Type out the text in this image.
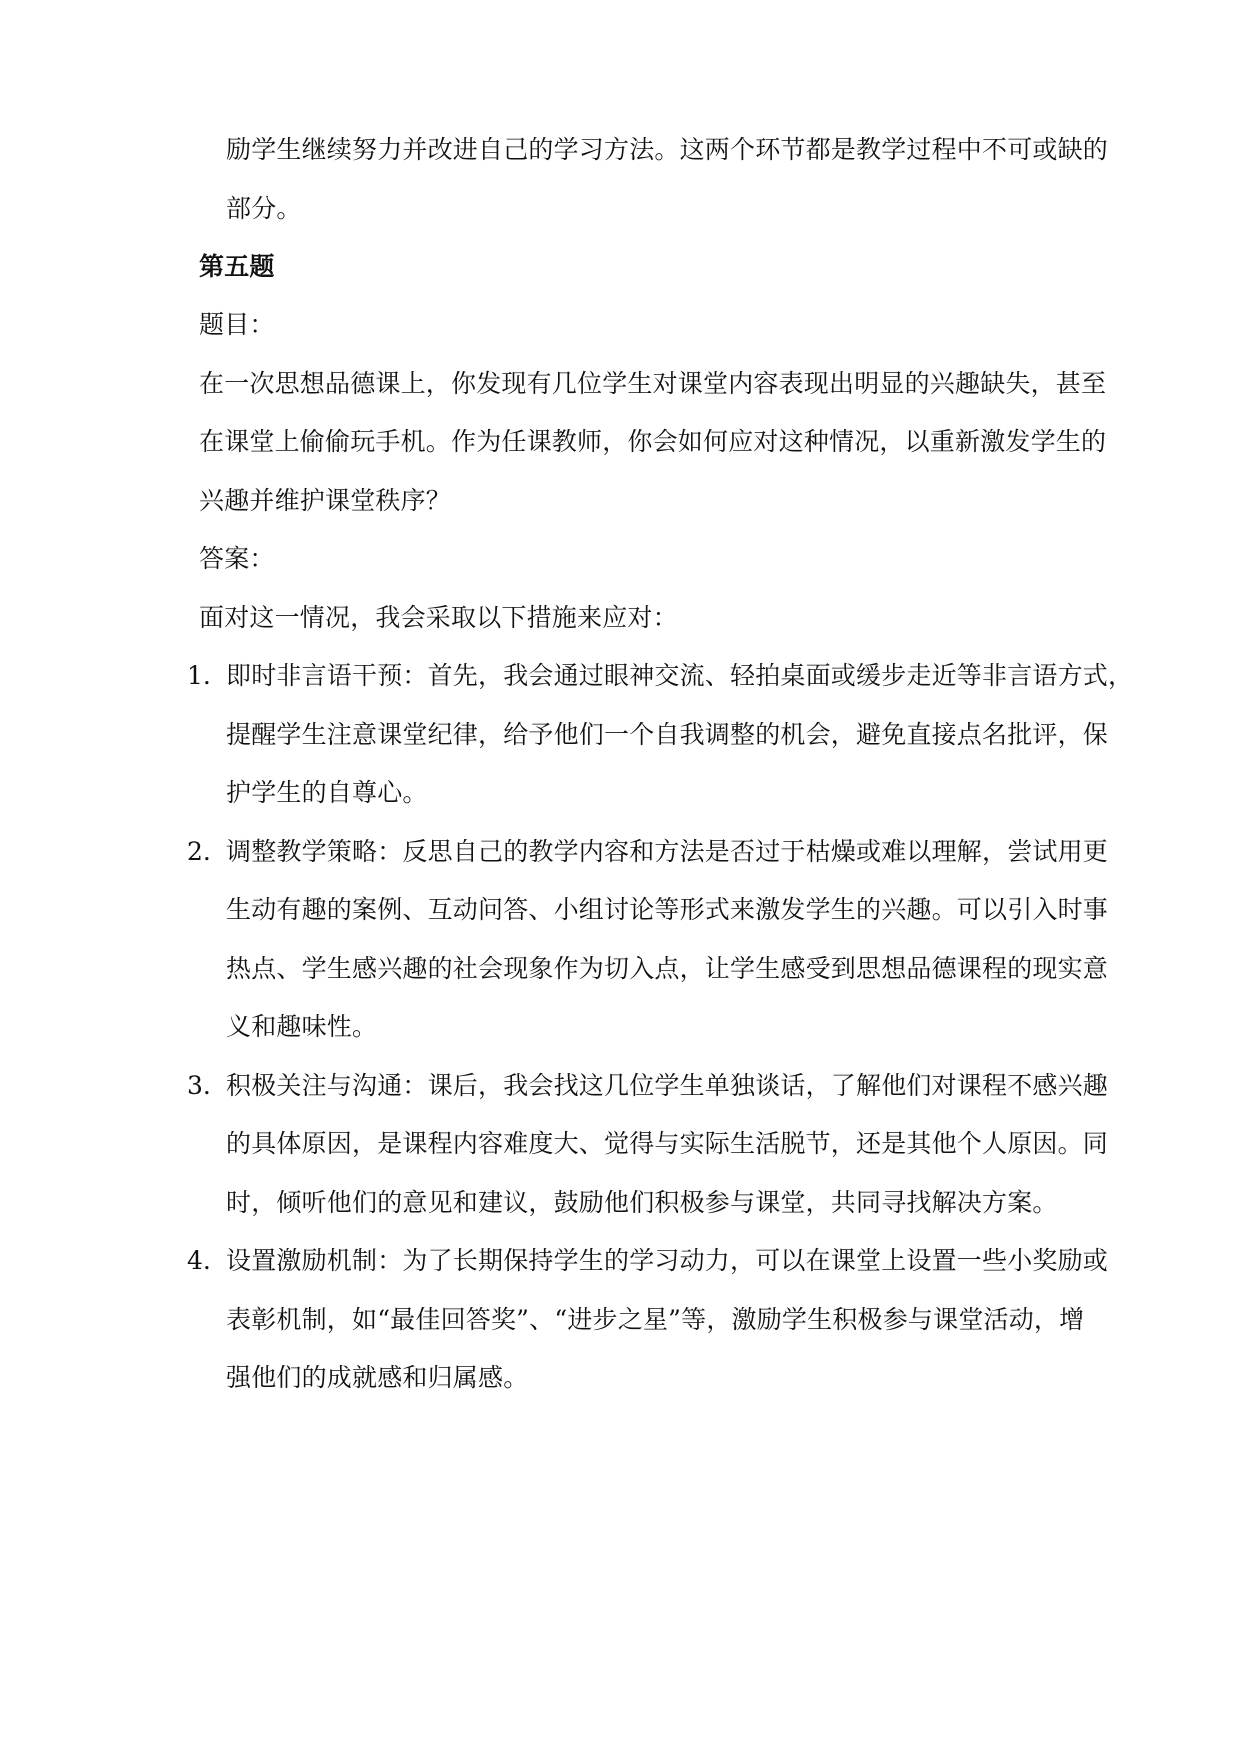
励学生继续努力并改进自己的学习方法。这两个环节都是教学过程中不可或缺的
部分。
第五题
题目：
在一次思想品德课上，你发现有几位学生对课堂内容表现出明显的兴趣缺失，甚至
在课堂上偷偷玩手机。作为任课教师，你会如何应对这种情况，以重新激发学生的
兴趣并维护课堂秩序？
答案：
面对这一情况，我会采取以下措施来应对：
1. 即时非言语干预：首先，我会通过眼神交流、轻拍桌面或缓步走近等非言语方式，
提醒学生注意课堂纪律，给予他们一个自我调整的机会，避免直接点名批评，保
护学生的自尊心。
2. 调整教学策略：反思自己的教学内容和方法是否过于枯燥或难以理解，尝试用更
生动有趣的案例、互动问答、小组讨论等形式来激发学生的兴趣。可以引入时事
热点、学生感兴趣的社会现象作为切入点，让学生感受到思想品德课程的现实意
义和趣味性。
3. 积极关注与沟通：课后，我会找这几位学生单独谈话，了解他们对课程不感兴趣
的具体原因，是课程内容难度大、觉得与实际生活脱节，还是其他个人原因。同
时，倾听他们的意见和建议，鼓励他们积极参与课堂，共同寻找解决方案。
4. 设置激励机制：为了长期保持学生的学习动力，可以在课堂上设置一些小奖励或
表彰机制，如“最佳回答奖”、“进步之星”等，激励学生积极参与课堂活动，增
强他们的成就感和归属感。
